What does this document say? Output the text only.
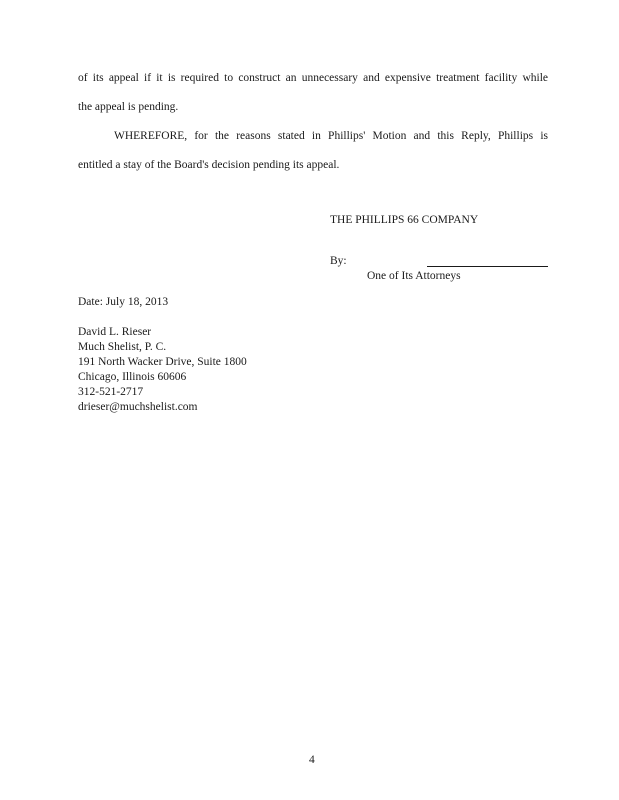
of its appeal if it is required to construct an unnecessary and expensive treatment facility while
the appeal is pending.
WHEREFORE, for the reasons stated in Phillips' Motion and this Reply, Phillips is
entitled a stay of the Board's decision pending its appeal.
THE PHILLIPS 66 COMPANY
By:
One of Its Attorneys
Date: July 18, 2013
David L. Rieser
Much Shelist, P. C.
191 North Wacker Drive, Suite 1800
Chicago, Illinois 60606
312-521-2717
drieser@muchshelist.com
4
